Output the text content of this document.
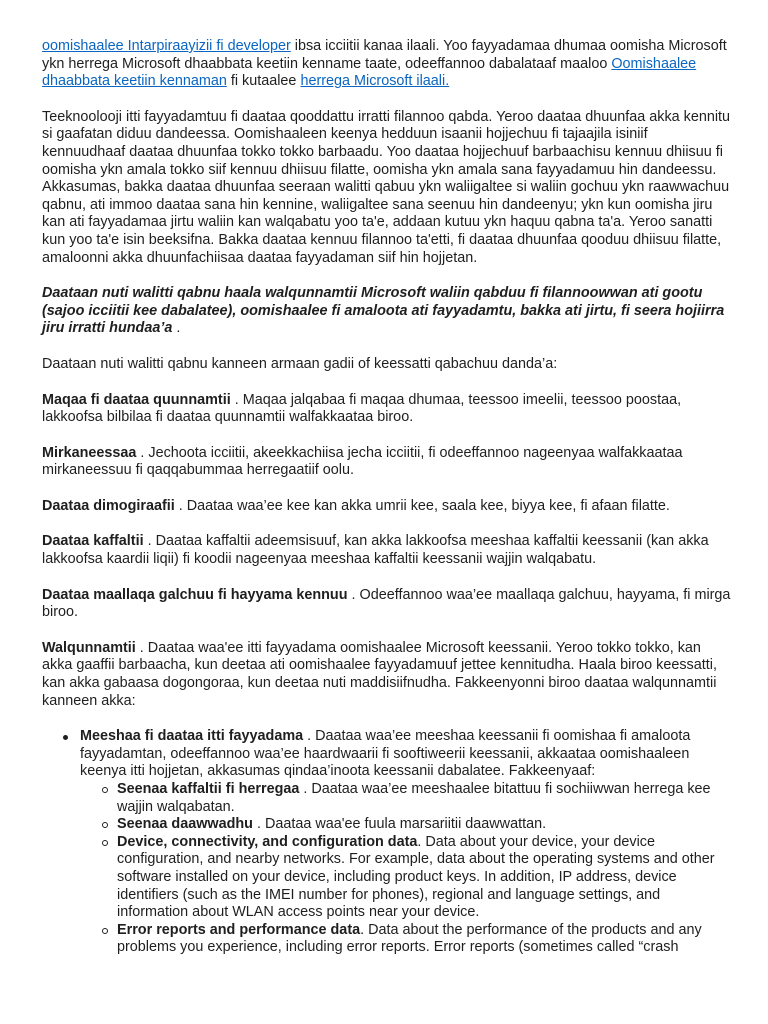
oomishaalee Intarpiraayizii fi developer ibsa icciitii kanaa ilaali. Yoo fayyadamaa dhumaa oomisha Microsoft ykn herrega Microsoft dhaabbata keetiin kenname taate, odeeffannoo dabalataaf maaloo Oomishaalee dhaabbata keetiin kennaman fi kutaalee herrega Microsoft ilaali.

Teeknoolooji itti fayyadamtuu fi daataa qooddattu irratti filannoo qabda. Yeroo daataa dhuunfaa akka kennitu si gaafatan diduu dandeessa. Oomishaaleen keenya hedduun isaanii hojjechuu fi tajaajila isiniif kennuudhaaf daataa dhuunfaa tokko tokko barbaadu. Yoo daataa hojjechuuf barbaachisu kennuu dhiisuu fi oomisha ykn amala tokko siif kennuu dhiisuu filatte, oomisha ykn amala sana fayyadamuu hin dandeessu. Akkasumas, bakka daataa dhuunfaa seeraan walitti qabuu ykn waliigaltee si waliin gochuu ykn raawwachuu qabnu, ati immoo daataa sana hin kennine, waliigaltee sana seenuu hin dandeenyu; ykn kun oomisha jiru kan ati fayyadamaa jirtu waliin kan walqabatu yoo ta'e, addaan kutuu ykn haquu qabna ta'a. Yeroo sanatti kun yoo ta'e isin beeksifna. Bakka daataa kennuu filannoo ta'etti, fi daataa dhuunfaa qooduu dhiisuu filatte, amaloonni akka dhuunfachiisaa daataa fayyadaman siif hin hojjetan.

Daataan nuti walitti qabnu haala walqunnamtii Microsoft waliin qabduu fi filannoowwan ati gootu (sajoo icciitii kee dabalatee), oomishaalee fi amaloota ati fayyadamtu, bakka ati jirtu, fi seera hojiirra jiru irratti hundaa’a .

Daataan nuti walitti qabnu kanneen armaan gadii of keessatti qabachuu danda’a:

Maqaa fi daataa quunnamtii . Maqaa jalqabaa fi maqaa dhumaa, teessoo imeelii, teessoo poostaa, lakkoofsa bilbilaa fi daataa quunnamtii walfakkaataa biroo.

Mirkaneessaa . Jechoota icciitii, akeekkachiisa jecha icciitii, fi odeeffannoo nageenyaa walfakkaataa mirkaneessuu fi qaqqabummaa herregaatiif oolu.

Daataa dimogiraafii . Daataa waa’ee kee kan akka umrii kee, saala kee, biyya kee, fi afaan filatte.

Daataa kaffaltii . Daataa kaffaltii adeemsisuuf, kan akka lakkoofsa meeshaa kaffaltii keessanii (kan akka lakkoofsa kaardii liqii) fi koodii nageenyaa meeshaa kaffaltii keessanii wajjin walqabatu.

Daataa maallaqa galchuu fi hayyama kennuu . Odeeffannoo waa’ee maallaqa galchuu, hayyama, fi mirga biroo.

Walqunnamtii . Daataa waa'ee itti fayyadama oomishaalee Microsoft keessanii. Yeroo tokko tokko, kan akka gaaffii barbaacha, kun deetaa ati oomishaalee fayyadamuuf jettee kennitudha. Haala biroo keessatti, kan akka gabaasa dogongoraa, kun deetaa nuti maddisiifnudha. Fakkeenyonni biroo daataa walqunnamtii kanneen akka:

Meeshaa fi daataa itti fayyadama . Daataa waa’ee meeshaa keessanii fi oomishaa fi amaloota fayyadamtan, odeeffannoo waa’ee haardwaarii fi sooftiweerii keessanii, akkaataa oomishaaleen keenya itti hojjetan, akkasumas qindaa’inoota keessanii dabalatee. Fakkeenyaaf:
Seenaa kaffaltii fi herregaa . Daataa waa’ee meeshaalee bitattuu fi sochiiwwan herrega kee wajjin walqabatan.
Seenaa daawwadhu . Daataa waa'ee fuula marsariitii daawwattan.
Device, connectivity, and configuration data. Data about your device, your device configuration, and nearby networks. For example, data about the operating systems and other software installed on your device, including product keys. In addition, IP address, device identifiers (such as the IMEI number for phones), regional and language settings, and information about WLAN access points near your device.
Error reports and performance data. Data about the performance of the products and any problems you experience, including error reports. Error reports (sometimes called “crash
